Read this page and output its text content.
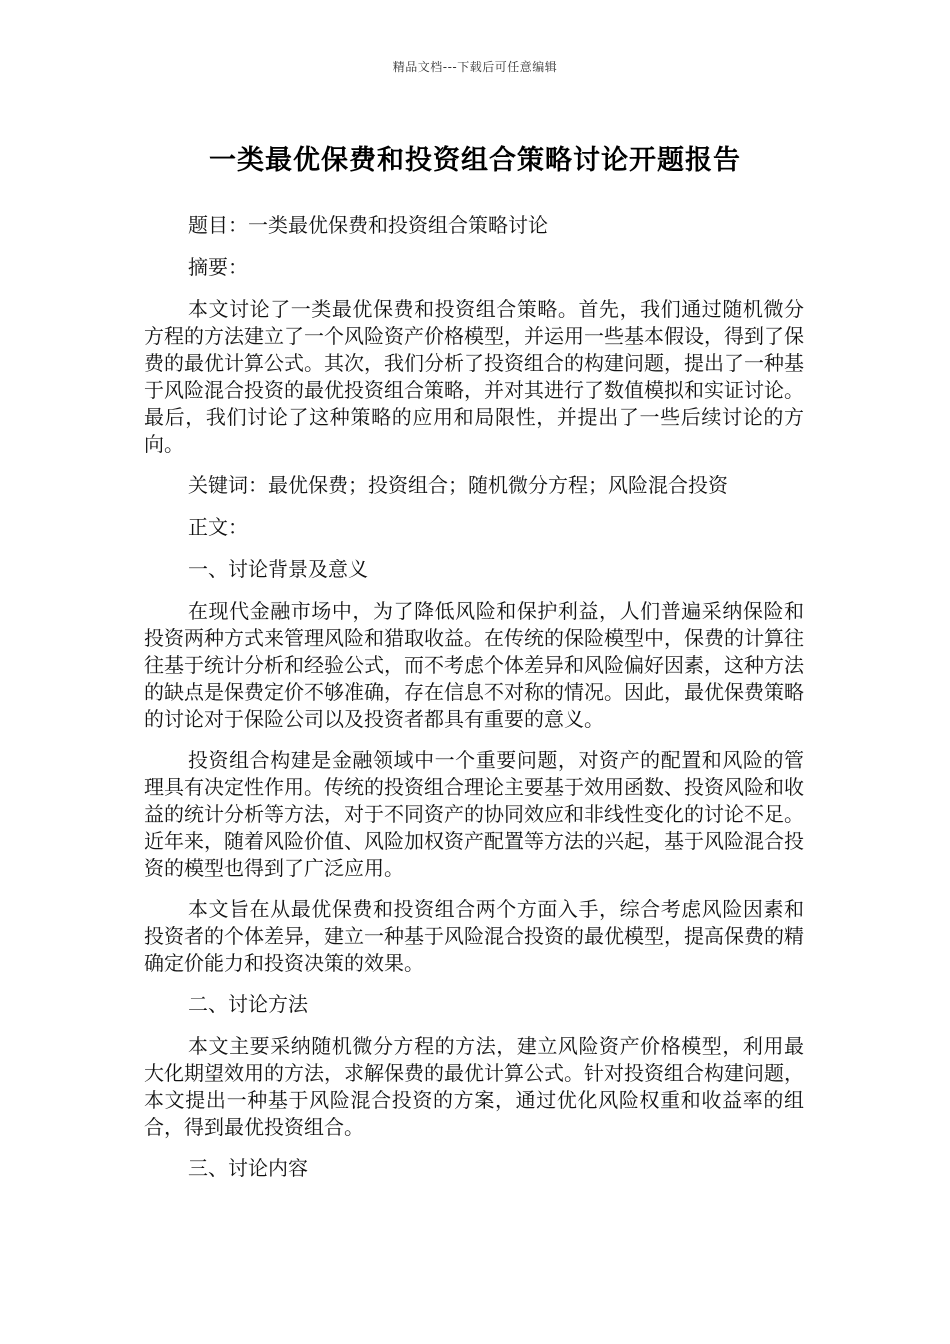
精品文档---下载后可任意编辑
一类最优保费和投资组合策略讨论开题报告

题目：一类最优保费和投资组合策略讨论

摘要：

本文讨论了一类最优保费和投资组合策略。首先，我们通过随机微分方程的方法建立了一个风险资产价格模型，并运用一些基本假设，得到了保费的最优计算公式。其次，我们分析了投资组合的构建问题，提出了一种基于风险混合投资的最优投资组合策略，并对其进行了数值模拟和实证讨论。最后，我们讨论了这种策略的应用和局限性，并提出了一些后续讨论的方向。

关键词：最优保费；投资组合；随机微分方程；风险混合投资

正文：

一、讨论背景及意义

在现代金融市场中，为了降低风险和保护利益，人们普遍采纳保险和投资两种方式来管理风险和猎取收益。在传统的保险模型中，保费的计算往往基于统计分析和经验公式，而不考虑个体差异和风险偏好因素，这种方法的缺点是保费定价不够准确，存在信息不对称的情况。因此，最优保费策略的讨论对于保险公司以及投资者都具有重要的意义。

投资组合构建是金融领域中一个重要问题，对资产的配置和风险的管理具有决定性作用。传统的投资组合理论主要基于效用函数、投资风险和收益的统计分析等方法，对于不同资产的协同效应和非线性变化的讨论不足。近年来，随着风险价值、风险加权资产配置等方法的兴起，基于风险混合投资的模型也得到了广泛应用。

本文旨在从最优保费和投资组合两个方面入手，综合考虑风险因素和投资者的个体差异，建立一种基于风险混合投资的最优模型，提高保费的精确定价能力和投资决策的效果。

二、讨论方法

本文主要采纳随机微分方程的方法，建立风险资产价格模型，利用最大化期望效用的方法，求解保费的最优计算公式。针对投资组合构建问题，本文提出一种基于风险混合投资的方案，通过优化风险权重和收益率的组合，得到最优投资组合。

三、讨论内容
